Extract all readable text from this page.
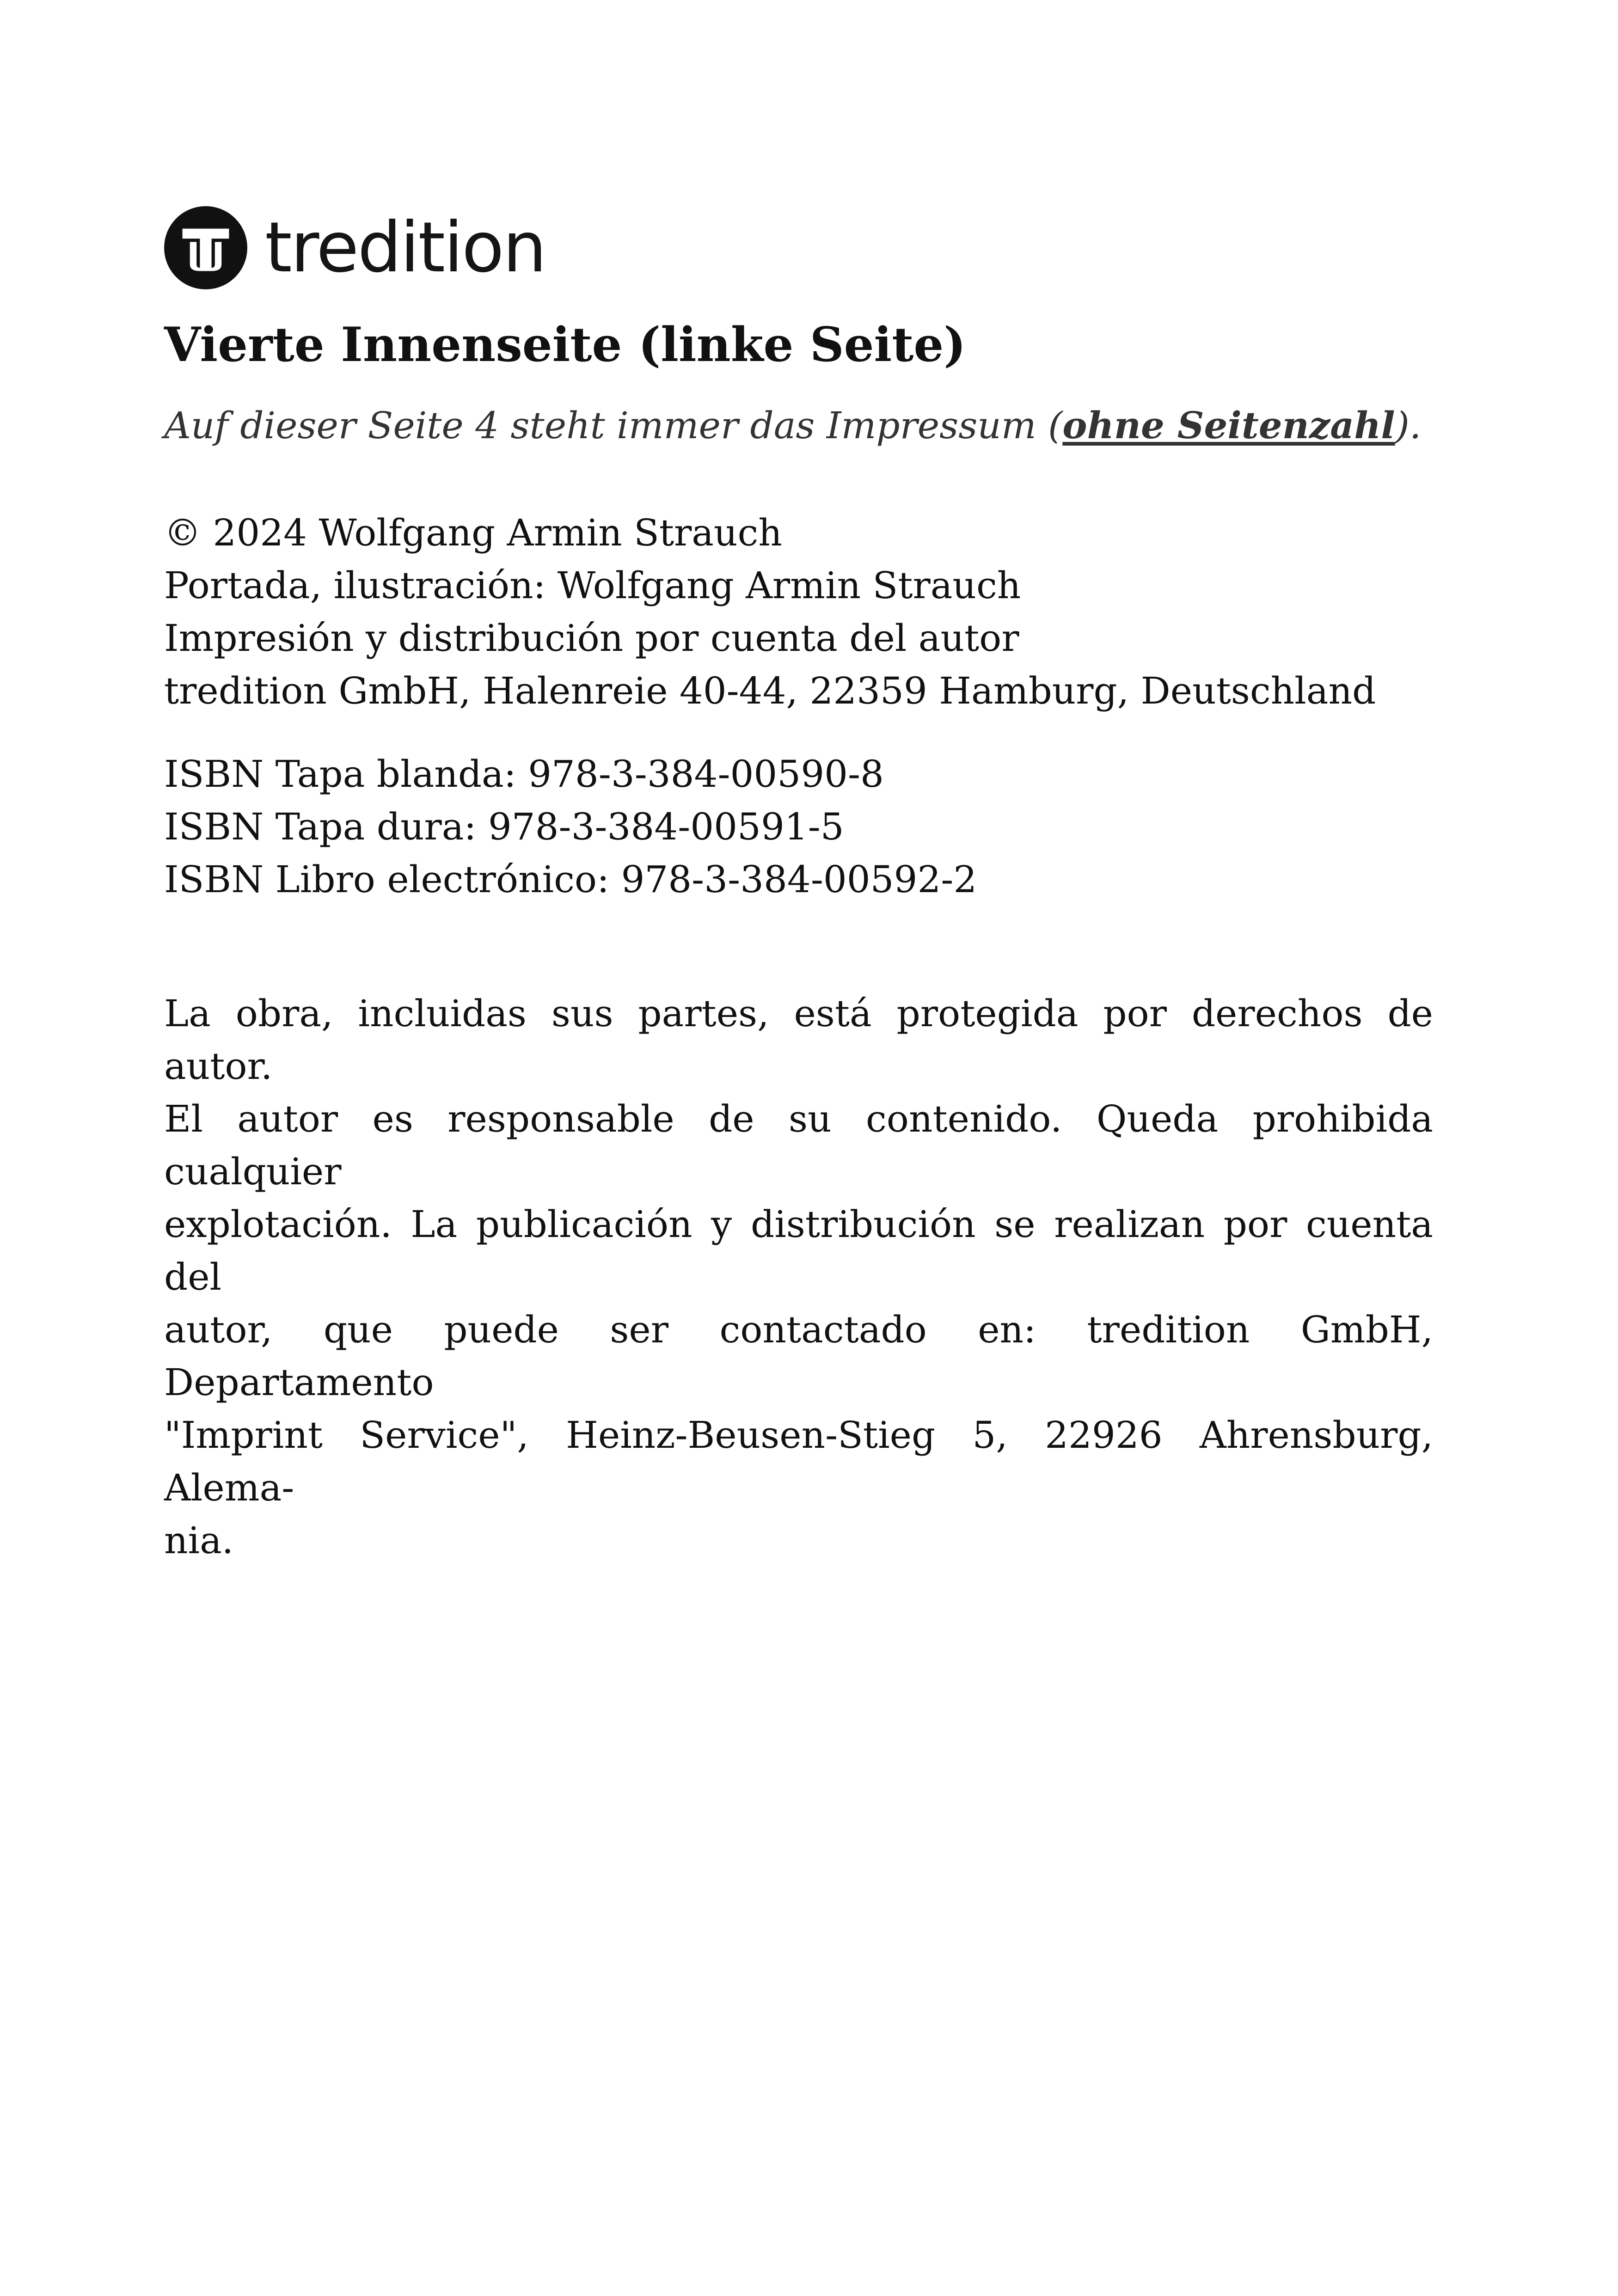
tredition
Vierte Innenseite (linke Seite)

Auf dieser Seite 4 steht immer das Impressum (ohne Seitenzahl).

© 2024 Wolfgang Armin Strauch
Portada, ilustración: Wolfgang Armin Strauch
Impresión y distribución por cuenta del autor
tredition GmbH, Halenreie 40-44, 22359 Hamburg, Deutschland
ISBN Tapa blanda: 978-3-384-00590-8
ISBN Tapa dura: 978-3-384-00591-5
ISBN Libro electrónico: 978-3-384-00592-2
La obra, incluidas sus partes, está protegida por derechos de autor.
El autor es responsable de su contenido. Queda prohibida cualquier
explotación. La publicación y distribución se realizan por cuenta del
autor, que puede ser contactado en: tredition GmbH, Departamento
"Imprint Service", Heinz-Beusen-Stieg 5, 22926 Ahrensburg, Alema-
nia.
